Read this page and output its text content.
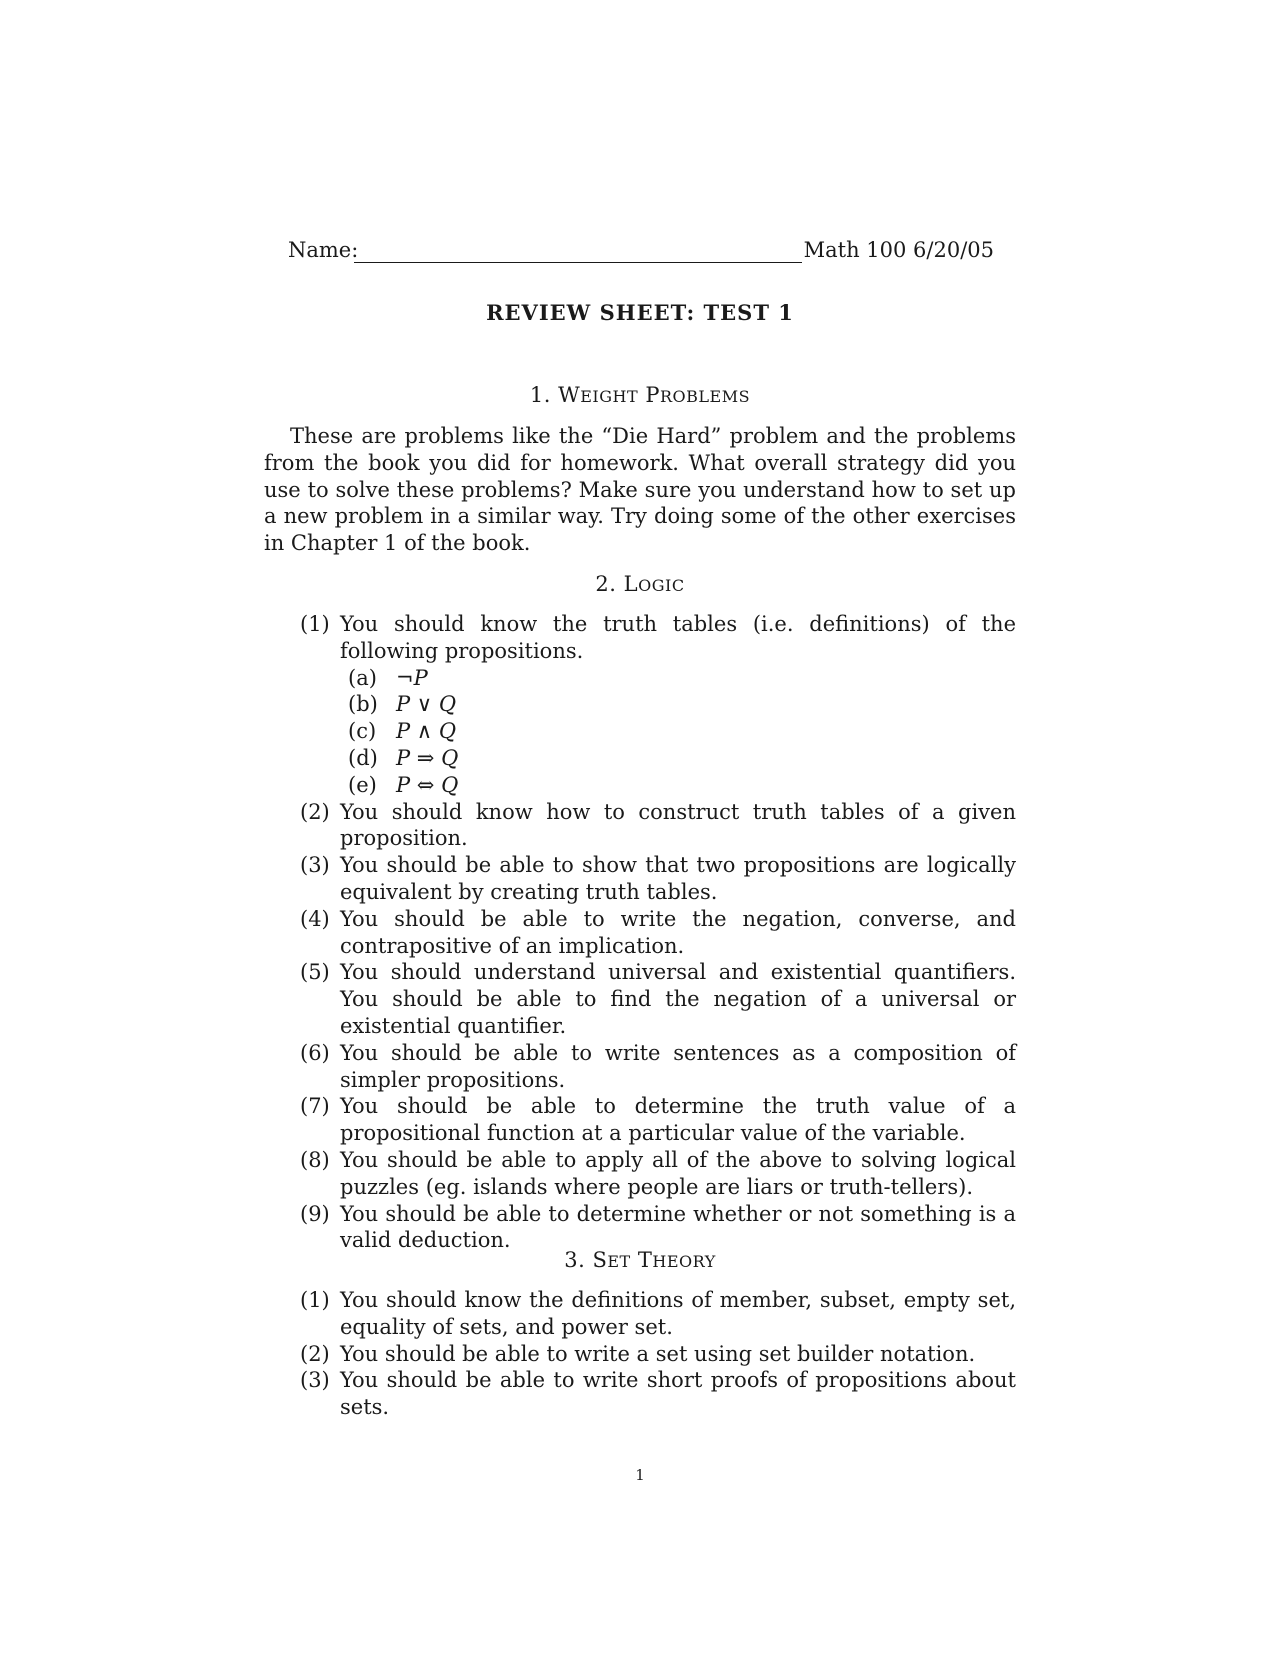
Name:	Math 100 6/20/05
REVIEW SHEET: TEST 1
1. WEIGHT PROBLEMS
These are problems like the “Die Hard” problem and the problems from the book you did for homework. What overall strategy did you use to solve these problems? Make sure you understand how to set up a new problem in a similar way. Try doing some of the other exercises in Chapter 1 of the book.
2. LOGIC
(1) You should know the truth tables (i.e. definitions) of the following propositions.
(a) ¬P
(b) P ∨ Q
(c) P ∧ Q
(d) P ⇒ Q
(e) P ⇔ Q
(2) You should know how to construct truth tables of a given proposition.
(3) You should be able to show that two propositions are logically equivalent by creating truth tables.
(4) You should be able to write the negation, converse, and contrapositive of an implication.
(5) You should understand universal and existential quantifiers. You should be able to find the negation of a universal or existential quantifier.
(6) You should be able to write sentences as a composition of simpler propositions.
(7) You should be able to determine the truth value of a propositional function at a particular value of the variable.
(8) You should be able to apply all of the above to solving logical puzzles (eg. islands where people are liars or truth-tellers).
(9) You should be able to determine whether or not something is a valid deduction.
3. SET THEORY
(1) You should know the definitions of member, subset, empty set, equality of sets, and power set.
(2) You should be able to write a set using set builder notation.
(3) You should be able to write short proofs of propositions about sets.
1
